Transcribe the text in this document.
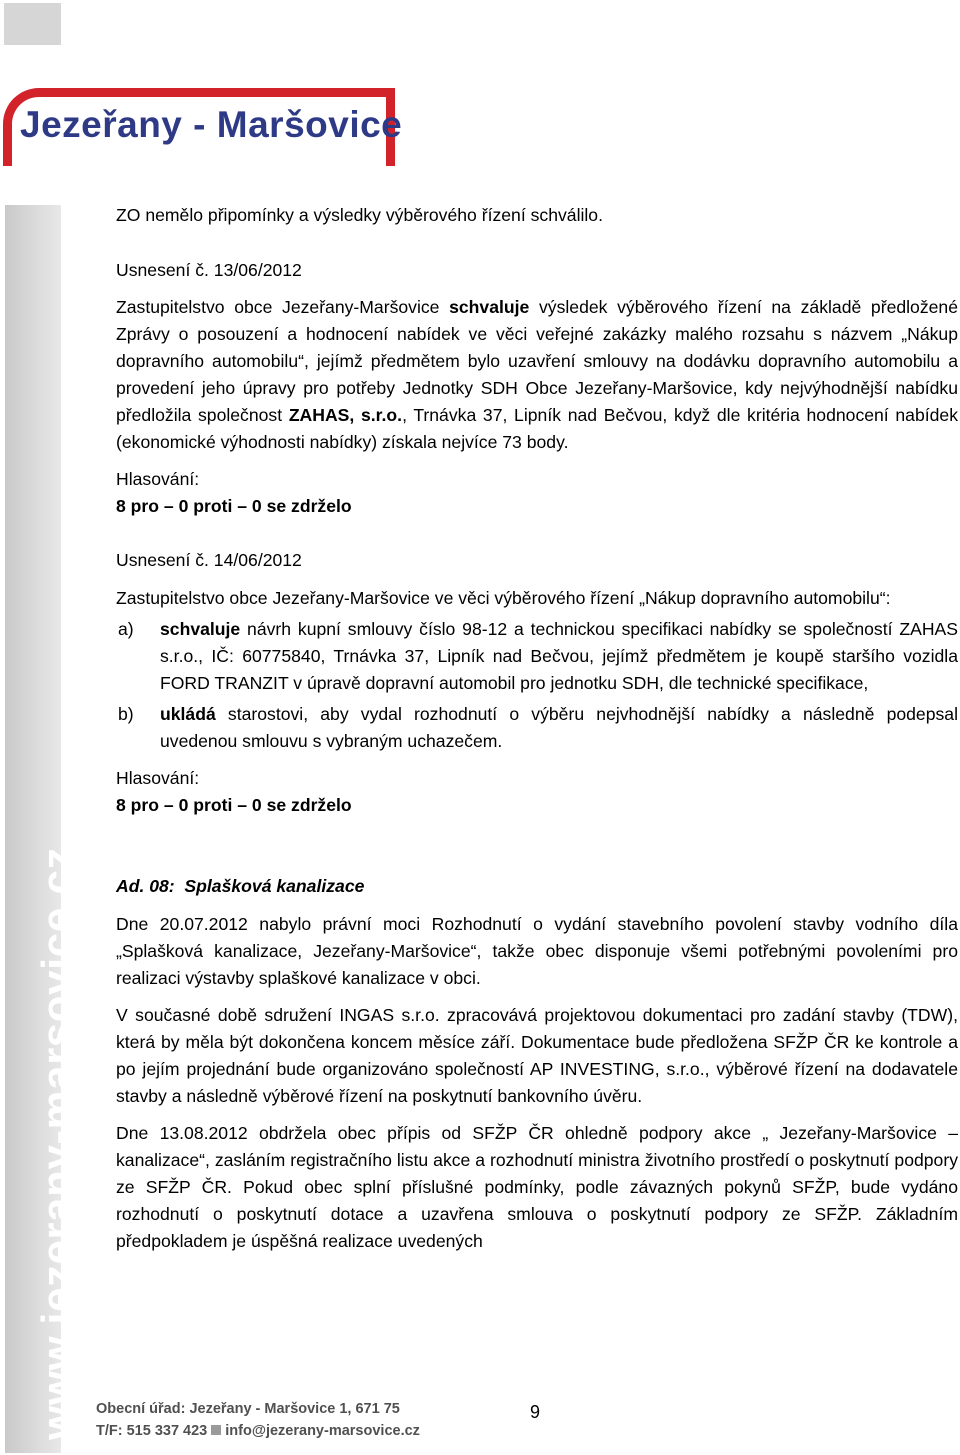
Jezeřany - Maršovice
www.jezerany-marsovice.cz

ZO nemělo připomínky a výsledky výběrového řízení schválilo.

Usnesení č. 13/06/2012

Zastupitelstvo obce Jezeřany-Maršovice schvaluje výsledek výběrového řízení na základě předložené Zprávy o posouzení a hodnocení nabídek ve věci veřejné zakázky malého rozsahu s názvem „Nákup dopravního automobilu“, jejímž předmětem bylo uzavření smlouvy na dodávku dopravního automobilu a provedení jeho úpravy pro potřeby Jednotky SDH Obce Jezeřany-Maršovice, kdy nejvýhodnější nabídku předložila společnost ZAHAS, s.r.o., Trnávka 37, Lipník nad Bečvou, když dle kritéria hodnocení nabídek (ekonomické výhodnosti nabídky) získala nejvíce 73 body.

Hlasování:

8 pro – 0 proti – 0 se zdrželo

Usnesení č. 14/06/2012

Zastupitelstvo obce Jezeřany-Maršovice ve věci výběrového řízení „Nákup dopravního automobilu“:

a) schvaluje návrh kupní smlouvy číslo 98-12 a technickou specifikaci nabídky se společností ZAHAS s.r.o., IČ: 60775840, Trnávka 37, Lipník nad Bečvou, jejímž předmětem je koupě staršího vozidla FORD TRANZIT v úpravě dopravní automobil pro jednotku SDH, dle technické specifikace,
b) ukládá starostovi, aby vydal rozhodnutí o výběru nejvhodnější nabídky a následně podepsal uvedenou smlouvu s vybraným uchazečem.

Hlasování:

8 pro – 0 proti – 0 se zdrželo

Ad. 08:  Splašková kanalizace

Dne 20.07.2012 nabylo právní moci Rozhodnutí o vydání stavebního povolení stavby vodního díla „Splašková kanalizace, Jezeřany-Maršovice“, takže obec disponuje všemi potřebnými povoleními pro realizaci výstavby splaškové kanalizace v obci.

V současné době sdružení INGAS s.r.o. zpracovává projektovou dokumentaci pro zadání stavby (TDW), která by měla být dokončena koncem měsíce září. Dokumentace bude předložena SFŽP ČR ke kontrole a po jejím projednání bude organizováno společností AP INVESTING, s.r.o., výběrové řízení na dodavatele stavby a následně výběrové řízení na poskytnutí bankovního úvěru.

Dne 13.08.2012 obdržela obec přípis od SFŽP ČR ohledně podpory akce „ Jezeřany-Maršovice – kanalizace“, zasláním registračního listu akce a rozhodnutí ministra životního prostředí o poskytnutí podpory ze SFŽP ČR. Pokud obec splní příslušné podmínky, podle závazných pokynů SFŽP, bude vydáno rozhodnutí o poskytnutí dotace a uzavřena smlouva o poskytnutí podpory ze SFŽP. Základním předpokladem je úspěšná realizace uvedených

Obecní úřad: Jezeřany - Maršovice 1, 671 75
T/F: 515 337 423 info@jezerany-marsovice.cz
9
